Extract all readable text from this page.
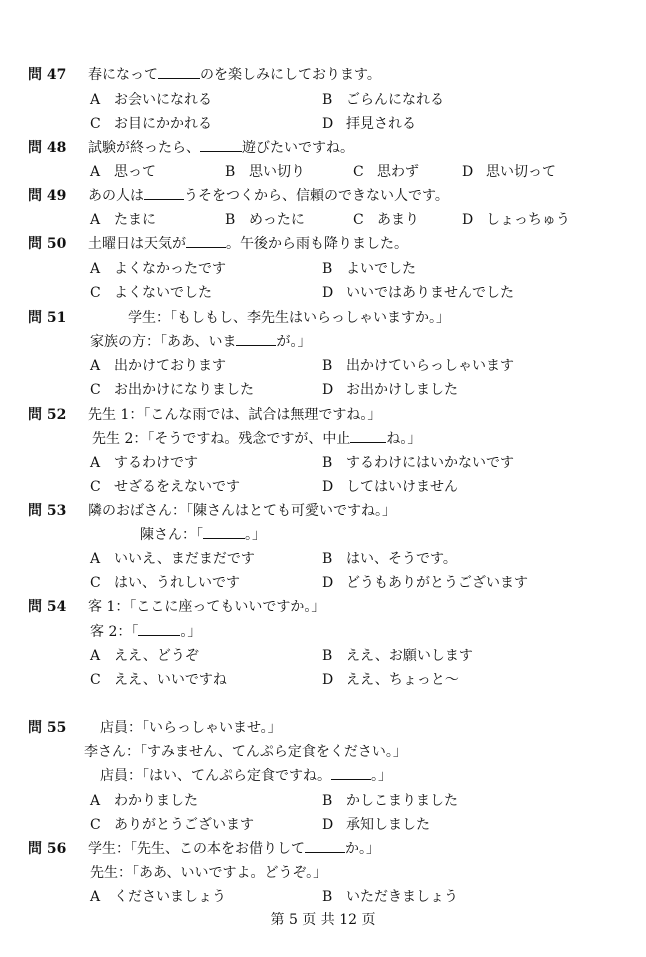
問 47 春になって	のを楽しみにしております。
A お会いになれる	B ごらんになれる
C お目にかかれる	D 拝見される
問 48 試験が終ったら、	遊びたいですね。
A 思って	B 思い切り	C 思わず	D 思い切って
問 49 あの人は	うそをつくから、信頼のできない人です。
A たまに	B めったに	C あまり	D しょっちゅう
問 50 土曜日は天気が	。午後から雨も降りました。
A よくなかったです	B よいでした
C よくないでした	D いいではありませんでした
問 51	学生：「もしもし、李先生はいらっしゃいますか。」
家族の方：「ああ、いま	が。」
A 出かけております	B 出かけていらっしゃいます
C お出かけになりました	D お出かけしました
問 52 先生 1：「こんな雨では、試合は無理ですね。」
先生 2：「そうですね。残念ですが、中止	ね。」
A するわけです	B するわけにはいかないです
C せざるをえないです	D してはいけません
問 53 隣のおばさん：「陳さんはとても可愛いですね。」
陳さん：「	。」
A いいえ、まだまだです	B はい、そうです。
C はい、うれしいです	D どうもありがとうございます
問 54 客 1：「ここに座ってもいいですか。」
客 2：「	。」
A ええ、どうぞ	B ええ、お願いします
C ええ、いいですね	D ええ、ちょっと～
問 55 店員：「いらっしゃいませ。」
李さん：「すみません、てんぷら定食をください。」
店員：「はい、てんぷら定食ですね。	。」
A わかりました	B かしこまりました
C ありがとうございます	D 承知しました
問 56 学生：「先生、この本をお借りして	か。」
先生：「ああ、いいですよ。どうぞ。」
A くださいましょう	B いただきましょう
第 5 页 共 12 页
